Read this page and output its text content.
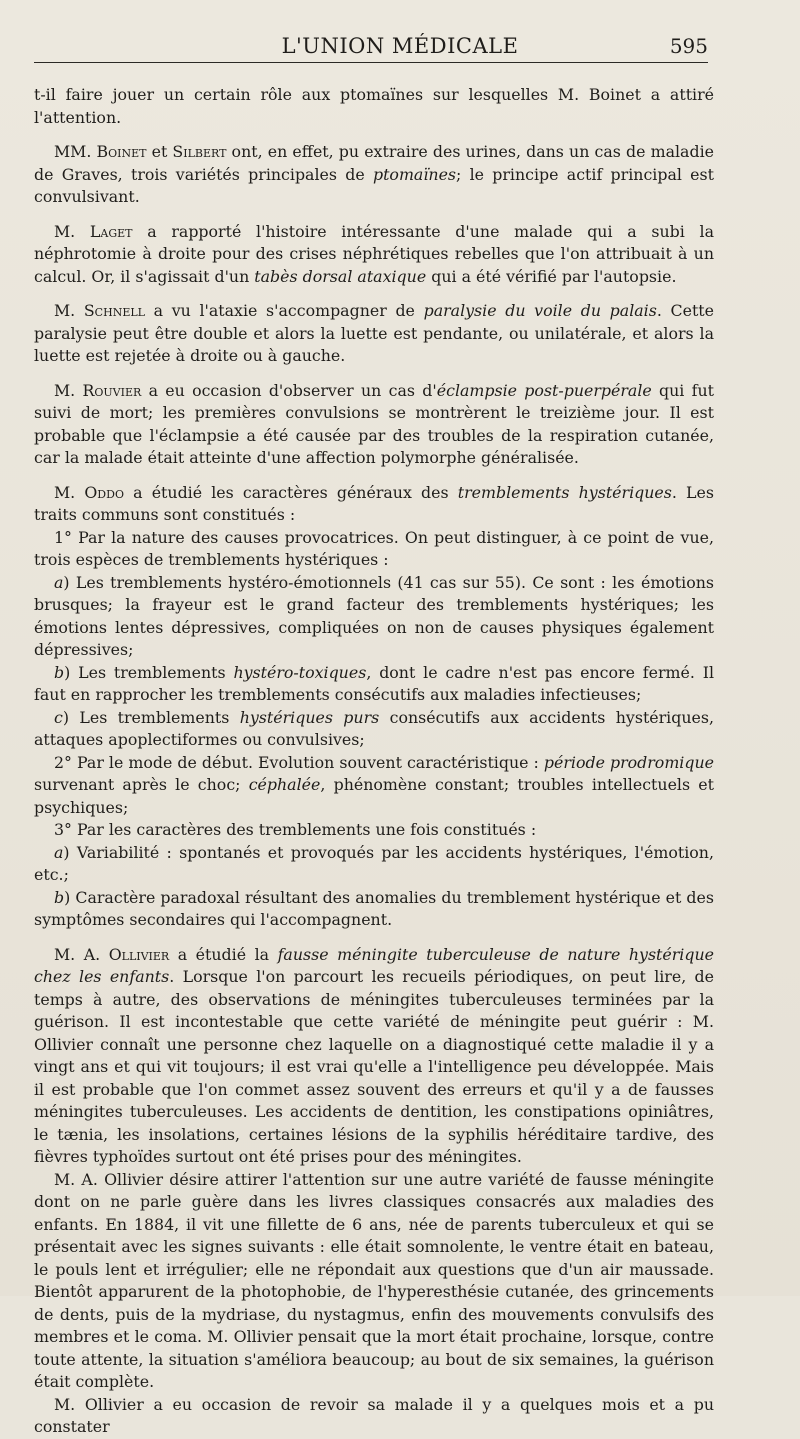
L'UNION MÉDICALE	595

t-il faire jouer un certain rôle aux ptomaïnes sur lesquelles M. Boinet a attiré l'attention.

MM. Boinet et Silbert ont, en effet, pu extraire des urines, dans un cas de maladie de Graves, trois variétés principales de ptomaïnes; le principe actif principal est convulsivant.

M. Laget a rapporté l'histoire intéressante d'une malade qui a subi la néphrotomie à droite pour des crises néphrétiques rebelles que l'on attribuait à un calcul. Or, il s'agissait d'un tabès dorsal ataxique qui a été vérifié par l'autopsie.

M. Schnell a vu l'ataxie s'accompagner de paralysie du voile du palais. Cette paralysie peut être double et alors la luette est pendante, ou unilatérale, et alors la luette est rejetée à droite ou à gauche.

M. Rouvier a eu occasion d'observer un cas d'éclampsie post-puerpérale qui fut suivi de mort; les premières convulsions se montrèrent le treizième jour. Il est probable que l'éclampsie a été causée par des troubles de la respiration cutanée, car la malade était atteinte d'une affection polymorphe généralisée.

M. Oddo a étudié les caractères généraux des tremblements hystériques. Les traits communs sont constitués :

1° Par la nature des causes provocatrices. On peut distinguer, à ce point de vue, trois espèces de tremblements hystériques :

a) Les tremblements hystéro-émotionnels (41 cas sur 55). Ce sont : les émotions brusques; la frayeur est le grand facteur des tremblements hystériques; les émotions lentes dépressives, compliquées on non de causes physiques également dépressives;

b) Les tremblements hystéro-toxiques, dont le cadre n'est pas encore fermé. Il faut en rapprocher les tremblements consécutifs aux maladies infectieuses;

c) Les tremblements hystériques purs consécutifs aux accidents hystériques, attaques apoplectiformes ou convulsives;

2° Par le mode de début. Evolution souvent caractéristique : période prodromique survenant après le choc; céphalée, phénomène constant; troubles intellectuels et psychiques;

3° Par les caractères des tremblements une fois constitués :

a) Variabilité : spontanés et provoqués par les accidents hystériques, l'émotion, etc.;

b) Caractère paradoxal résultant des anomalies du tremblement hystérique et des symptômes secondaires qui l'accompagnent.

M. A. Ollivier a étudié la fausse méningite tuberculeuse de nature hystérique chez les enfants. Lorsque l'on parcourt les recueils périodiques, on peut lire, de temps à autre, des observations de méningites tuberculeuses terminées par la guérison. Il est incontestable que cette variété de méningite peut guérir : M. Ollivier connaît une personne chez laquelle on a diagnostiqué cette maladie il y a vingt ans et qui vit toujours; il est vrai qu'elle a l'intelligence peu développée. Mais il est probable que l'on commet assez souvent des erreurs et qu'il y a de fausses méningites tuberculeuses. Les accidents de dentition, les constipations opiniâtres, le tænia, les insolations, certaines lésions de la syphilis héréditaire tardive, des fièvres typhoïdes surtout ont été prises pour des méningites.

M. A. Ollivier désire attirer l'attention sur une autre variété de fausse méningite dont on ne parle guère dans les livres classiques consacrés aux maladies des enfants. En 1884, il vit une fillette de 6 ans, née de parents tuberculeux et qui se présentait avec les signes suivants : elle était somnolente, le ventre était en bateau, le pouls lent et irrégulier; elle ne répondait aux questions que d'un air maussade. Bientôt apparurent de la photophobie, de l'hyperesthésie cutanée, des grincements de dents, puis de la mydriase, du nystagmus, enfin des mouvements convulsifs des membres et le coma. M. Ollivier pensait que la mort était prochaine, lorsque, contre toute attente, la situation s'améliora beaucoup; au bout de six semaines, la guérison était complète.

M. Ollivier a eu occasion de revoir sa malade il y a quelques mois et a pu constater
